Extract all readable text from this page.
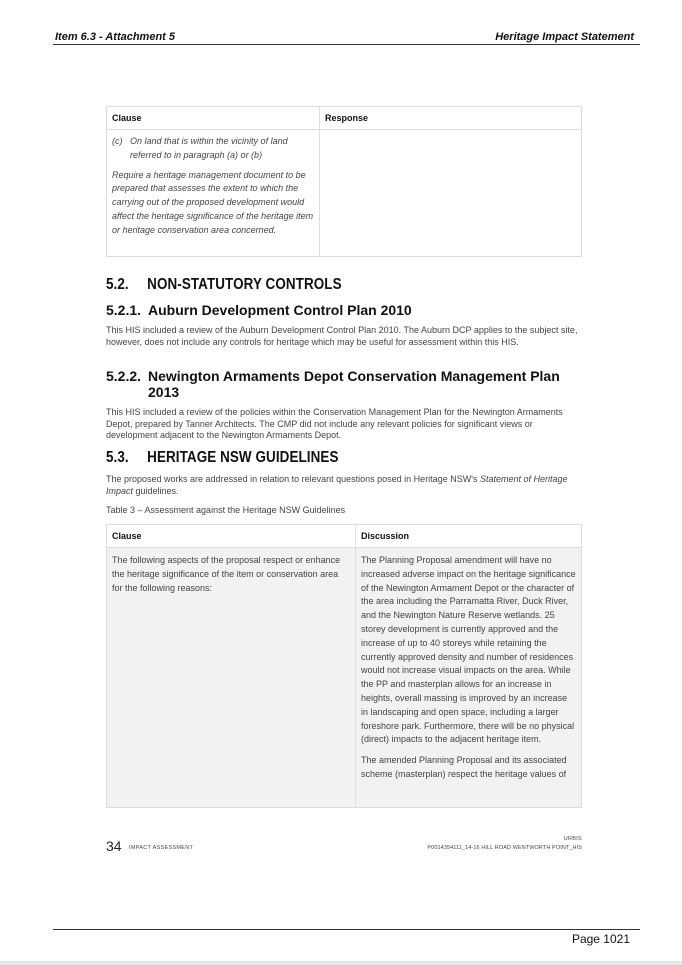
Item 6.3 - Attachment 5	Heritage Impact Statement
Clause	Response

(c) On land that is within the vicinity of land referred to in paragraph (a) or (b)
Require a heritage management document to be prepared that assesses the extent to which the carrying out of the proposed development would affect the heritage significance of the heritage item or heritage conservation area concerned.	

5.2. NON-STATUTORY CONTROLS
5.2.1. Auburn Development Control Plan 2010
This HIS included a review of the Auburn Development Control Plan 2010. The Auburn DCP applies to the subject site, however, does not include any controls for heritage which may be useful for assessment within this HIS.
5.2.2. Newington Armaments Depot Conservation Management Plan
2013
This HIS included a review of the policies within the Conservation Management Plan for the Newington Armaments Depot, prepared by Tanner Architects. The CMP did not include any relevant policies for significant views or development adjacent to the Newington Armaments Depot.
5.3. HERITAGE NSW GUIDELINES
The proposed works are addressed in relation to relevant questions posed in Heritage NSW's Statement of Heritage Impact guidelines.
Table 3 – Assessment against the Heritage NSW Guidelines
Clause	Discussion

The following aspects of the proposal respect or enhance the heritage significance of the item or conservation area for the following reasons:	The Planning Proposal amendment will have no increased adverse impact on the heritage significance of the Newington Armament Depot or the character of the area including the Parramatta River, Duck River, and the Newington Nature Reserve wetlands. 25 storey development is currently approved and the increase of up to 40 storeys while retaining the currently approved density and number of residences would not increase visual impacts on the area. While the PP and masterplan allows for an increase in heights, overall massing is improved by an increase in landscaping and open space, including a larger foreshore park. Furthermore, there will be no physical (direct) impacts to the adjacent heritage item.

The amended Planning Proposal and its associated scheme (masterplan) respect the heritage values of

34 IMPACT ASSESSMENT
URBIS
P0014354111_14-16 HILL ROAD WENTWORTH POINT_HIS
Page 1021
